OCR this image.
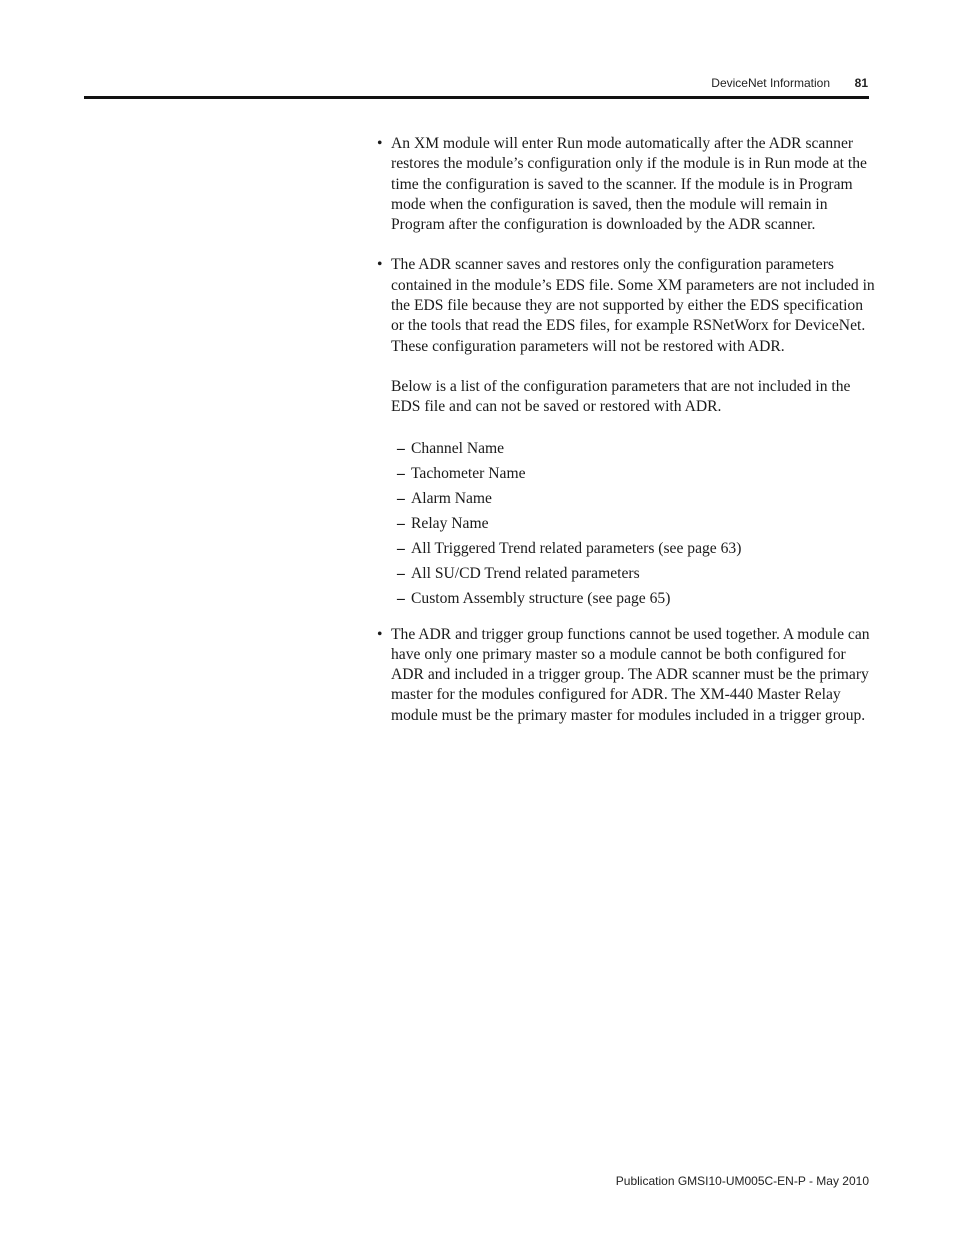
DeviceNet Information 81
• An XM module will enter Run mode automatically after the ADR scanner restores the module’s configuration only if the module is in Run mode at the time the configuration is saved to the scanner. If the module is in Program mode when the configuration is saved, then the module will remain in Program after the configuration is downloaded by the ADR scanner.

• The ADR scanner saves and restores only the configuration parameters contained in the module’s EDS file. Some XM parameters are not included in the EDS file because they are not supported by either the EDS specification or the tools that read the EDS files, for example RSNetWorx for DeviceNet. These configuration parameters will not be restored with ADR.

Below is a list of the configuration parameters that are not included in the EDS file and can not be saved or restored with ADR.

– Channel Name
– Tachometer Name
– Alarm Name
– Relay Name
– All Triggered Trend related parameters (see page 63)
– All SU/CD Trend related parameters
– Custom Assembly structure (see page 65)
• The ADR and trigger group functions cannot be used together. A module can have only one primary master so a module cannot be both configured for ADR and included in a trigger group. The ADR scanner must be the primary master for the modules configured for ADR. The XM-440 Master Relay module must be the primary master for modules included in a trigger group.

Publication GMSI10-UM005C-EN-P - May 2010
